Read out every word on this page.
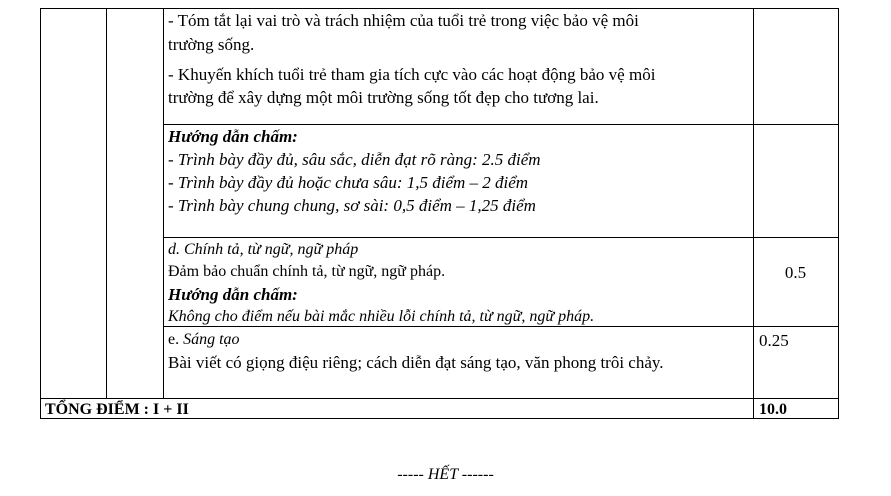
- Tóm tắt lại vai trò và trách nhiệm của tuổi trẻ trong việc bảo vệ môi
trường sống.
- Khuyến khích tuổi trẻ tham gia tích cực vào các hoạt động bảo vệ môi
trường để xây dựng một môi trường sống tốt đẹp cho tương lai.
Hướng dẫn chấm:
- Trình bày đầy đủ, sâu sắc, diễn đạt rõ ràng: 2.5 điểm
- Trình bày đầy đủ hoặc chưa sâu: 1,5 điểm – 2 điểm
- Trình bày chung chung, sơ sài: 0,5 điểm – 1,25 điểm
d. Chính tả, từ ngữ, ngữ pháp
Đảm bảo chuẩn chính tả, từ ngữ, ngữ pháp.
Hướng dẫn chấm:
Không cho điểm nếu bài mắc nhiều lỗi chính tả, từ ngữ, ngữ pháp.
0.5
e. Sáng tạo
Bài viết có giọng điệu riêng; cách diễn đạt sáng tạo, văn phong trôi chảy.
0.25
TỔNG ĐIỂM : I + II	10.0
----- HẾT ------
